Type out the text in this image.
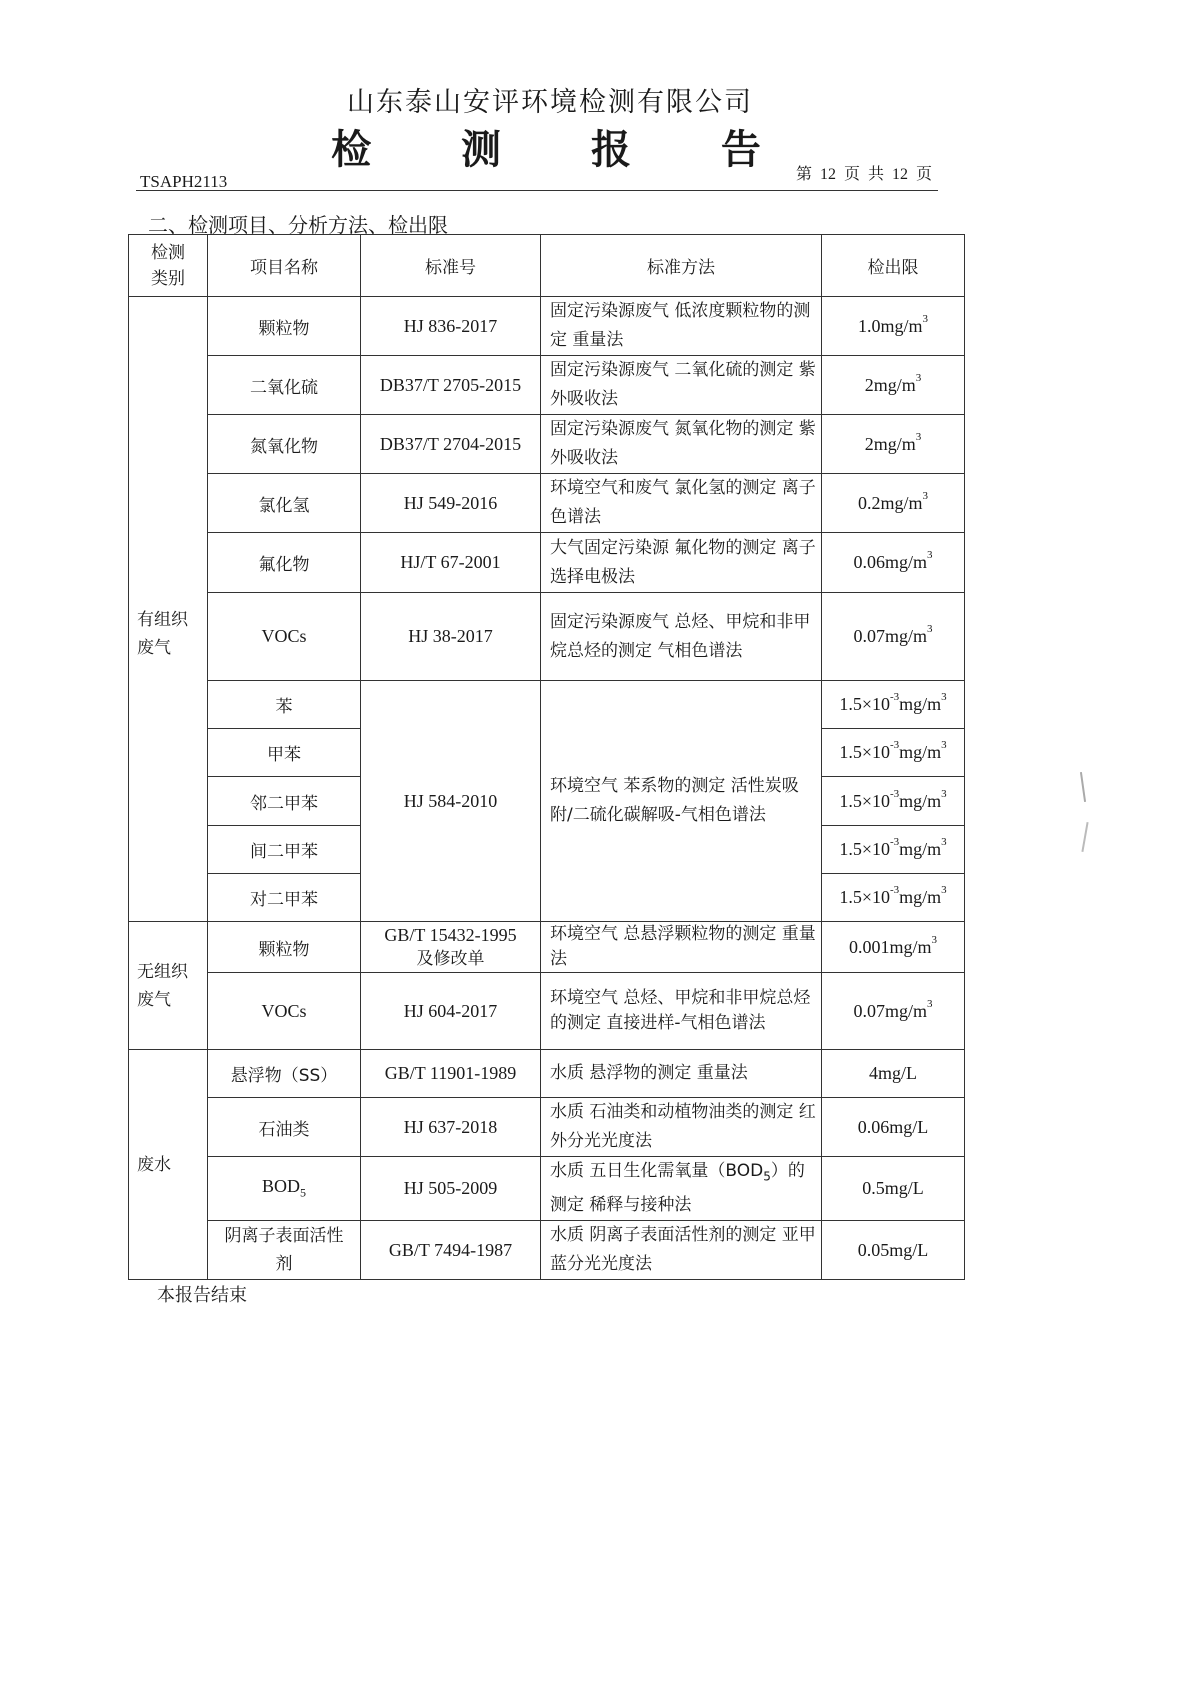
山东泰山安评环境检测有限公司
检 测 报 告
TSAPH2113	第 12 页 共 12 页
二、检测项目、分析方法、检出限
检测类别	项目名称	标准号	标准方法	检出限

有组织废气	颗粒物	HJ 836-2017	固定污染源废气 低浓度颗粒物的测定 重量法	$1.0mg/m^3$
	二氧化硫	DB37/T 2705-2015	固定污染源废气 二氧化硫的测定 紫外吸收法	$2mg/m^3$
	氮氧化物	DB37/T 2704-2015	固定污染源废气 氮氧化物的测定 紫外吸收法	$2mg/m^3$
	氯化氢	HJ 549-2016	环境空气和废气 氯化氢的测定 离子色谱法	$0.2mg/m^3$
	氟化物	HJ/T 67-2001	大气固定污染源 氟化物的测定 离子选择电极法	$0.06mg/m^3$
	VOCs	HJ 38-2017	固定污染源废气 总烃、甲烷和非甲烷总烃的测定 气相色谱法	$0.07mg/m^3$
	苯	HJ 584-2010	环境空气 苯系物的测定 活性炭吸附/二硫化碳解吸-气相色谱法	$1.5\times 10^{-3}mg/m^3$
	甲苯			$1.5\times 10^{-3}mg/m^3$
	邻二甲苯			$1.5\times 10^{-3}mg/m^3$
	间二甲苯			$1.5\times 10^{-3}mg/m^3$
	对二甲苯			$1.5\times 10^{-3}mg/m^3$

无组织废气	颗粒物	GB/T 15432-1995
及修改单	环境空气 总悬浮颗粒物的测定 重量法	$0.001mg/m^3$
	VOCs	HJ 604-2017	环境空气 总烃、甲烷和非甲烷总烃的测定 直接进样-气相色谱法	$0.07mg/m^3$
废水	悬浮物（SS）	GB/T 11901-1989	水质 悬浮物的测定 重量法	4mg/L
	石油类	HJ 637-2018	水质 石油类和动植物油类的测定 红外分光光度法	0.06mg/L
	$BOD_5$	HJ 505-2009	水质 五日生化需氧量$(BOD_5)$的测定 稀释与接种法	0.5mg/L

	阴离子表面活性剂	GB/T 7494-1987	水质 阴离子表面活性剂的测定 亚甲蓝分光光度法	0.05mg/L
本报告结束
